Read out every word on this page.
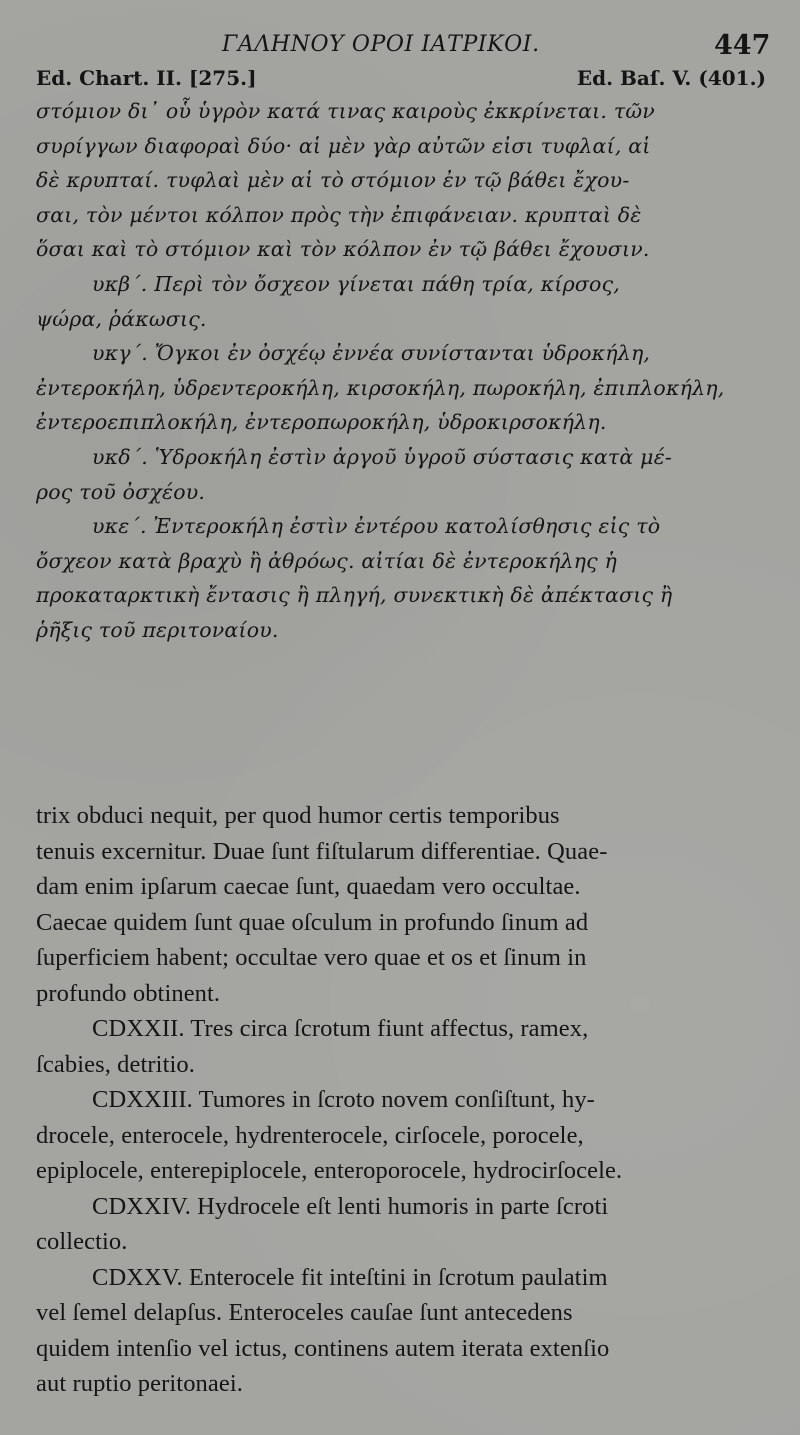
ΓΑΛΗΝΟΥ ΟΡΟΙ ΙΑΤΡΙΚΟΙ.	447
Ed. Chart. II. [275.]	Ed. Baſ. V. (401.)
στόμιον δι᾽ οὗ ὑγρὸν κατά τινας καιροὺς ἐκκρίνεται. τῶν
συρίγγων διαφοραὶ δύο· αἱ μὲν γὰρ αὐτῶν εἰσι τυφλαί, αἱ
δὲ κρυπταί. τυφλαὶ μὲν αἱ τὸ στόμιον ἐν τῷ βάθει ἔχου-
σαι, τὸν μέντοι κόλπον πρὸς τὴν ἐπιφάνειαν. κρυπταὶ δὲ
ὅσαι καὶ τὸ στόμιον καὶ τὸν κόλπον ἐν τῷ βάθει ἔχουσιν.
υκβ΄. Περὶ τὸν ὄσχεον γίνεται πάθη τρία, κίρσος,
ψώρα, ῥάκωσις.
υκγ΄. Ὄγκοι ἐν ὀσχέῳ ἐννέα συνίστανται ὑδροκήλη,
ἐντεροκήλη, ὑδρεντεροκήλη, κιρσοκήλη, πωροκήλη, ἐπιπλοκήλη,
ἐντεροεπιπλοκήλη, ἐντεροπωροκήλη, ὑδροκιρσοκήλη.
υκδ΄. Ὑδροκήλη ἐστὶν ἀργοῦ ὑγροῦ σύστασις κατὰ μέ-
ρος τοῦ ὀσχέου.
υκε΄. Ἐντεροκήλη ἐστὶν ἐντέρου κατολίσθησις εἰς τὸ
ὄσχεον κατὰ βραχὺ ἢ ἀθρόως. αἰτίαι δὲ ἐντεροκήλης ἡ
προκαταρκτικὴ ἔντασις ἢ πληγή, συνεκτικὴ δὲ ἀπέκτασις ἢ
ῥῆξις τοῦ περιτοναίου.
trix obduci nequit, per quod humor certis temporibus
tenuis excernitur. Duae ſunt fiſtularum differentiae. Quae-
dam enim ipſarum caecae ſunt, quaedam vero occultae.
Caecae quidem ſunt quae oſculum in profundo ſinum ad
ſuperficiem habent; occultae vero quae et os et ſinum in
profundo obtinent.
CDXXII. Tres circa ſcrotum fiunt affectus, ramex,
ſcabies, detritio.
CDXXIII. Tumores in ſcroto novem conſiſtunt, hy-
drocele, enterocele, hydrenterocele, cirſocele, porocele,
epiplocele, enterepiplocele, enteroporocele, hydrocirſocele.
CDXXIV. Hydrocele eſt lenti humoris in parte ſcroti
collectio.
CDXXV. Enterocele fit inteſtini in ſcrotum paulatim
vel ſemel delapſus. Enteroceles cauſae ſunt antecedens
quidem intenſio vel ictus, continens autem iterata extenſio
aut ruptio peritonaei.
